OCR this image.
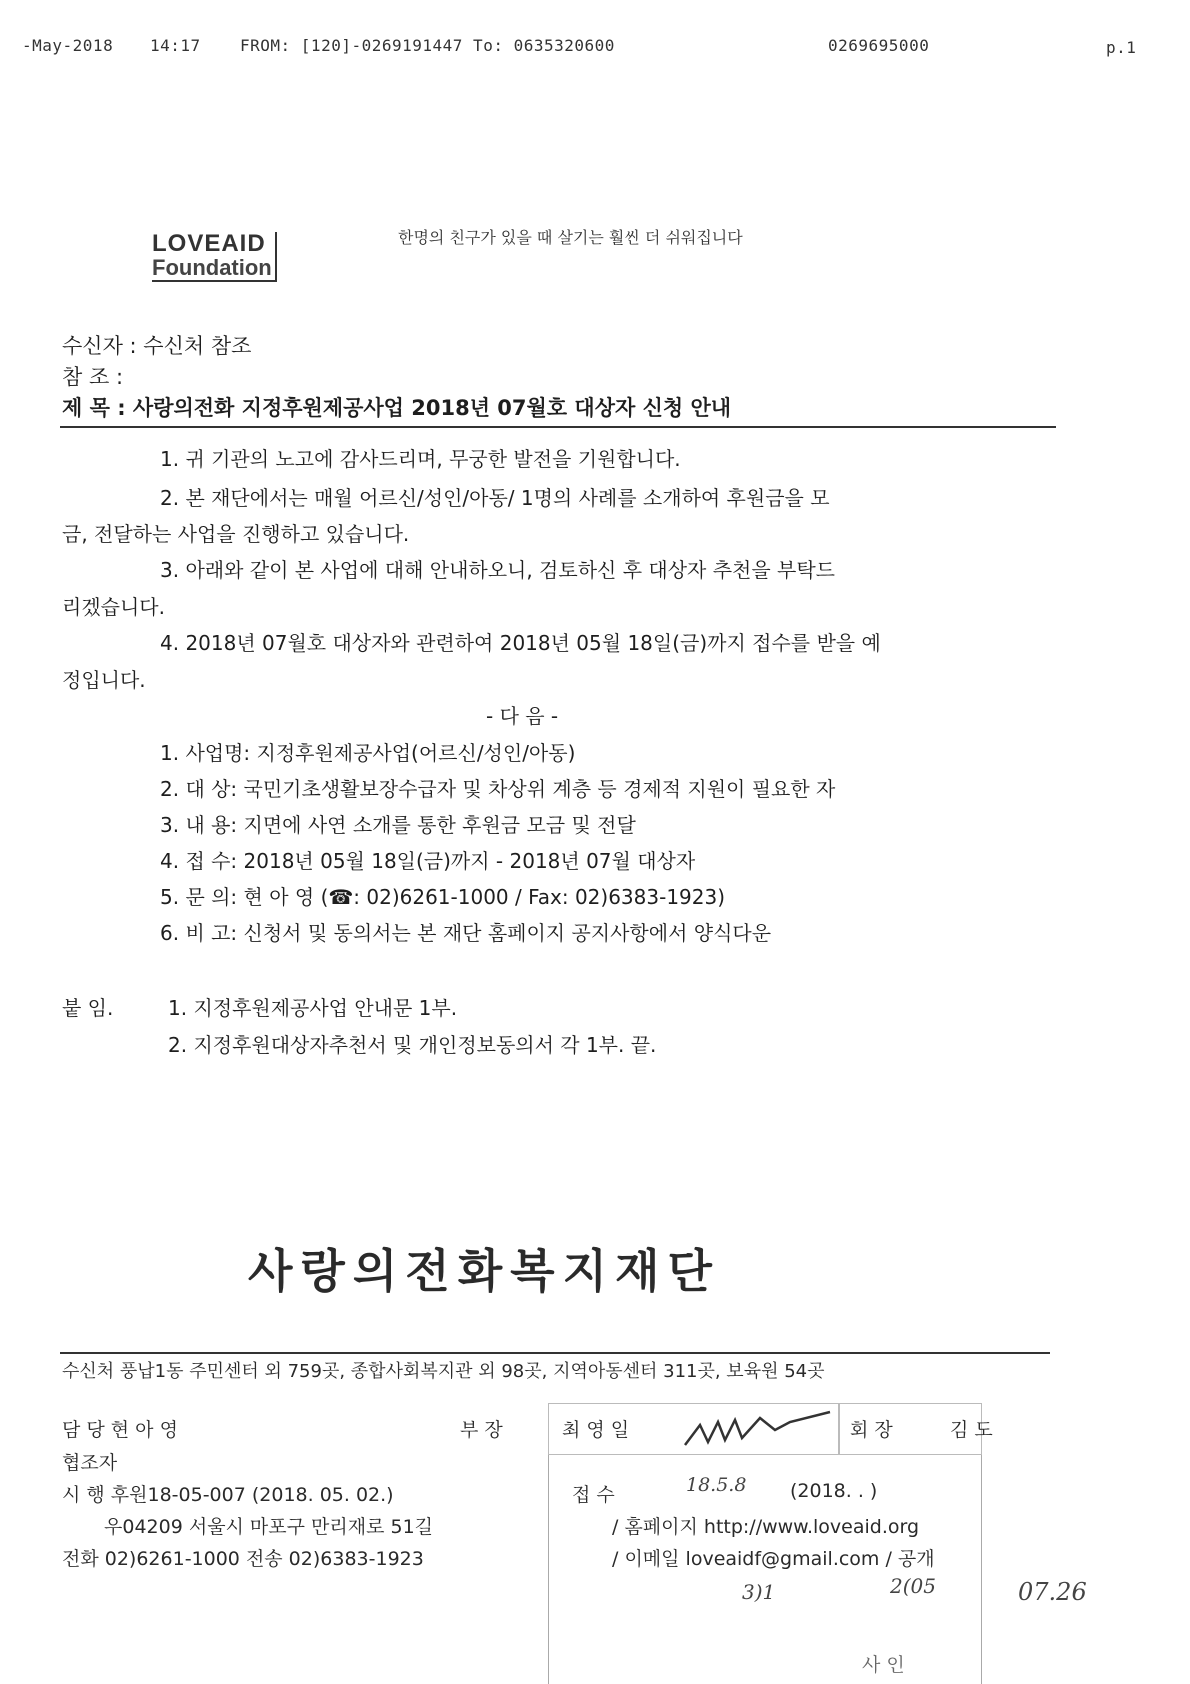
-May-2018 14:17 FROM: [120]-0269191447 To: 0635320600	0269695000	p.1
LOVEAID
Foundation
한명의 친구가 있을 때 살기는 훨씬 더 쉬워집니다
수신자 : 수신처 참조
참 조 :
제 목 : 사랑의전화 지정후원제공사업 2018년 07월호 대상자 신청 안내
1. 귀 기관의 노고에 감사드리며, 무궁한 발전을 기원합니다.
2. 본 재단에서는 매월 어르신/성인/아동/ 1명의 사례를 소개하여 후원금을 모
금, 전달하는 사업을 진행하고 있습니다.
3. 아래와 같이 본 사업에 대해 안내하오니, 검토하신 후 대상자 추천을 부탁드
리겠습니다.
4. 2018년 07월호 대상자와 관련하여 2018년 05월 18일(금)까지 접수를 받을 예
정입니다.
- 다 음 -
1. 사업명: 지정후원제공사업(어르신/성인/아동)
2. 대 상: 국민기초생활보장수급자 및 차상위 계층 등 경제적 지원이 필요한 자
3. 내 용: 지면에 사연 소개를 통한 후원금 모금 및 전달
4. 접 수: 2018년 05월 18일(금)까지 - 2018년 07월 대상자
5. 문 의: 현 아 영 (☎: 02)6261-1000 / Fax: 02)6383-1923)
6. 비 고: 신청서 및 동의서는 본 재단 홈페이지 공지사항에서 양식다운
붙 임.	1. 지정후원제공사업 안내문 1부.
2. 지정후원대상자추천서 및 개인정보동의서 각 1부. 끝.
사랑의전화복지재단
수신처 풍납1동 주민센터 외 759곳, 종합사회복지관 외 98곳, 지역아동센터 311곳, 보육원 54곳
담 당 현 아 영	부 장	최 영 일	회 장	김 도
협조자
시 행 후원18-05-007 (2018. 05. 02.)	접 수	18.5.8 (2018. . )
우04209 서울시 마포구 만리재로 51길	/ 홈페이지 http://www.loveaid.org
전화 02)6261-1000 전송 02)6383-1923	/ 이메일 loveaidf@gmail.com / 공개
3)1	2(05	07.26
사 인
